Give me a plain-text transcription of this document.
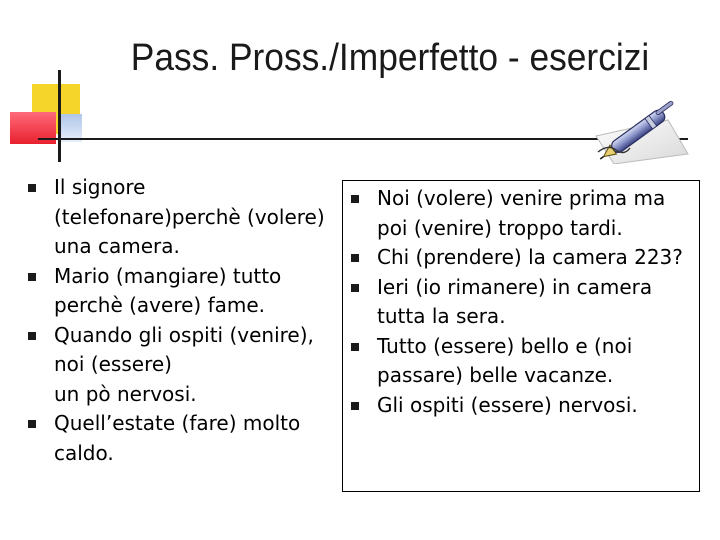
Pass. Pross./Imperfetto - esercizi
Il signore
(telefonare)perchè (volere)
una camera.
Mario (mangiare) tutto
perchè (avere) fame.
Quando gli ospiti (venire),
noi (essere)
un pò nervosi.
Quell’estate (fare) molto
caldo.
Noi (volere) venire prima ma
poi (venire) troppo tardi.
Chi (prendere) la camera 223?
Ieri (io rimanere) in camera
tutta la sera.
Tutto (essere) bello e (noi
passare) belle vacanze.
Gli ospiti (essere) nervosi.
